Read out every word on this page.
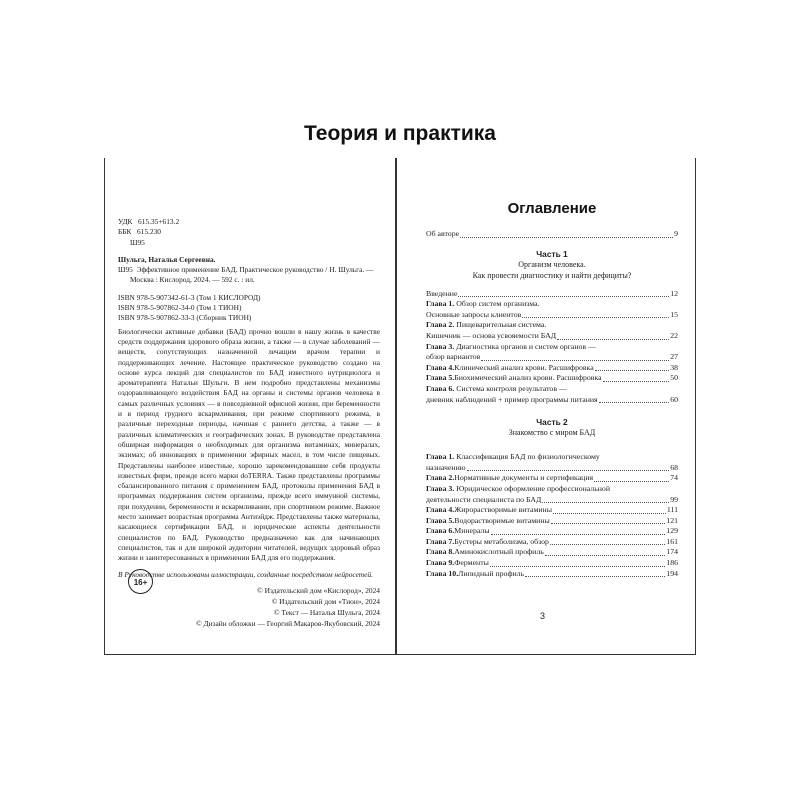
Теория и практика
УДК 615.35+613.2
ББК 615.230
Ш95
Шульга, Наталья Сергеевна.
Ш95 Эффективное применение БАД. Практическое руководство / Н. Шульга. —
Москва : Кислород, 2024. — 592 с. : ил.
ISBN 978-5-907342-61-3 (Том 1 КИСЛОРОД)
ISBN 978-5-907862-34-0 (Том 1 ТИОН)
ISBN 978-5-907862-33-3 (Сборник ТИОН)
Биологически активные добавки (БАД) прочно вошли в нашу жизнь в качестве средств поддержания здорового образа жизни, а также — в случае заболеваний — веществ, сопутствующих назначенной лечащим врачом терапии и поддерживающих лечение. Настоящее практическое руководство создано на основе курса лекций для специалистов по БАД известного нутрициолога и ароматерапевта Натальи Шульги. В нем подробно представлены механизмы оздоравливающего воздействия БАД на органы и системы органов человека в самых различных условиях — в повседневной офисной жизни, при беременности и в период грудного вскармливания, при режиме спортивного режима, в различные переходные периоды, начиная с раннего детства, а также — в различных климатических и географических зонах. В руководстве представлена обширная информация о необходимых для организма витаминах, минералах, экзимах; об инновациях в применении эфирных масел, в том числе пищевых. Представлены наиболее известные, хорошо зарекомендовавшие себя продукты известных фирм, прежде всего марки doTERRA. Также представлены программы сбалансированного питания с применением БАД, протоколы применения БАД в программах поддержания систем организма, прежде всего иммунной системы, при похудении, беременности и вскармливании, при спортивном режиме. Важное место занимает возрастная программа Антиэйдж. Представлены также материалы, касающиеся сертификации БАД, и юридические аспекты деятельности специалистов по БАД. Руководство предназначено как для начинающих специалистов, так и для широкой аудитории читателей, ведущих здоровый образ жизни и заинтересованных в применении БАД для его поддержания.
В Руководстве использованы иллюстрации, созданные посредством нейросетей.
© Издательский дом «Кислород», 2024
© Издательский дом «Тион», 2024
© Текст — Наталья Шульга, 2024
© Дизайн обложки — Георгий Макаров-Якубовский, 2024
16+
Оглавление
Об авторе	9
Часть 1
Организм человека.
Как провести диагностику и найти дефициты?
Введение	12
Глава 1. Обзор систем организма.
Основные запросы клиентов	15
Глава 2. Пищеварительная система.
Кишечник — основа усвояемости БАД	22
Глава 3. Диагностика органов и систем органов —
обзор вариантов	27
Глава 4. Клинический анализ крови. Расшифровка	38
Глава 5. Биохимический анализ крови. Расшифровка	50
Глава 6. Система контроля результатов —
дневник наблюдений + пример программы питания	60
Часть 2
Знакомство с миром БАД
Глава 1. Классификация БАД по физиологическому
назначению	68
Глава 2. Нормативные документы и сертификация	74
Глава 3. Юридическое оформление профессиональной
деятельности специалиста по БАД	99
Глава 4. Жирорастворимые витамины	111
Глава 5. Водорастворимые витамины	121
Глава 6. Минералы	129
Глава 7. Бустеры метаболизма, обзор	161
Глава 8. Аминокислотный профиль	174
Глава 9. Ферменты	186
Глава 10. Липидный профиль	194
3
